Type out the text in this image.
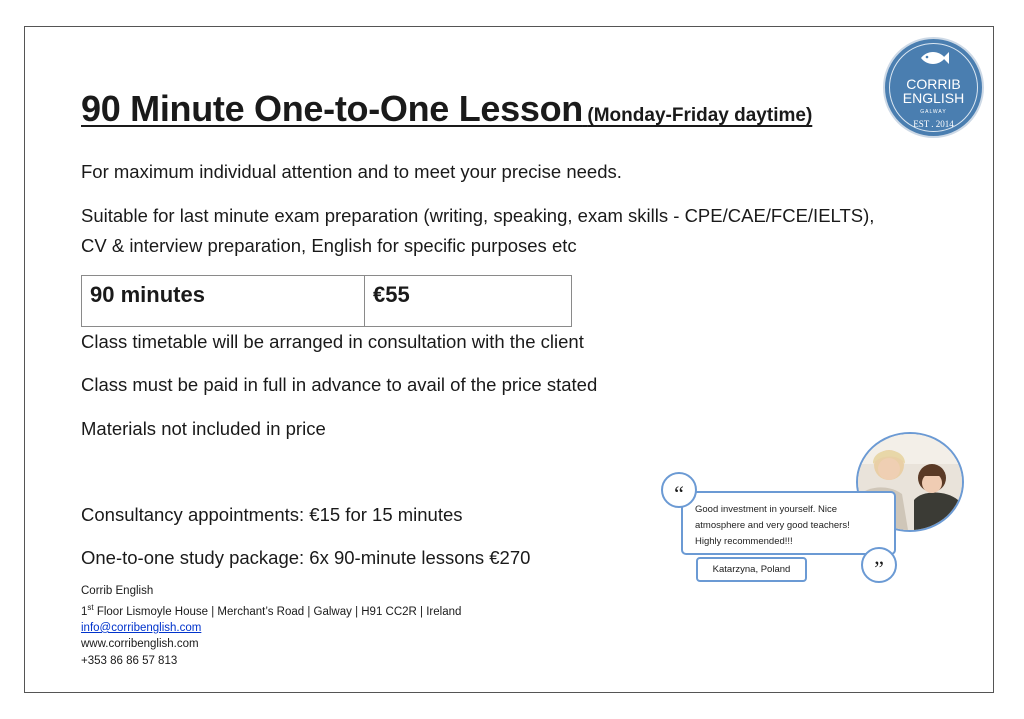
90 Minute One-to-One Lesson (Monday-Friday daytime)
CORRIB
ENGLISH
GALWAY
EST . 2014
For maximum individual attention and to meet your precise needs.
Suitable for last minute exam preparation (writing, speaking, exam skills - CPE/CAE/FCE/IELTS),
CV & interview preparation, English for specific purposes etc
90 minutes	€55
Class timetable will be arranged in consultation with the client
Class must be paid in full in advance to avail of the price stated
Materials not included in price
Consultancy appointments: €15 for 15 minutes
One-to-one study package: 6x 90-minute lessons €270
Corrib English
1st Floor Lismoyle House | Merchant’s Road | Galway | H91 CC2R | Ireland
info@corribenglish.com
www.corribenglish.com
+353 86 86 57 813
Good investment in yourself. Nice
atmosphere and very good teachers!
Highly recommended!!!
Katarzyna, Poland
“
”
